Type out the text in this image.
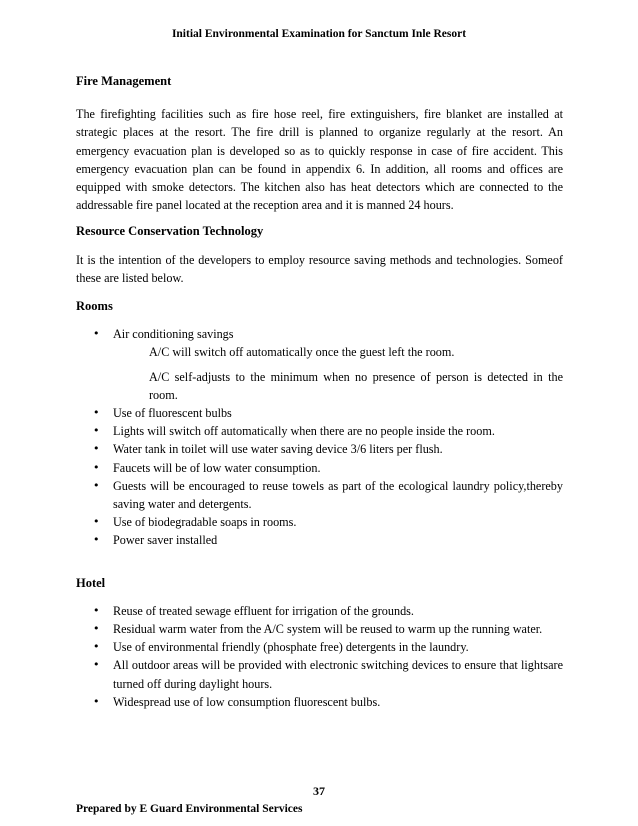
Initial Environmental Examination for Sanctum Inle Resort
Fire Management

The firefighting facilities such as fire hose reel, fire extinguishers, fire blanket are installed at strategic places at the resort. The fire drill is planned to organize regularly at the resort. An emergency evacuation plan is developed so as to quickly response in case of fire accident. This emergency evacuation plan can be found in appendix 6. In addition, all rooms and offices are equipped with smoke detectors. The kitchen also has heat detectors which are connected to the addressable fire panel located at the reception area and it is manned 24 hours.

Resource Conservation Technology

It is the intention of the developers to employ resource saving methods and technologies. Someof these are listed below.

Rooms
• Air conditioning savings
A/C will switch off automatically once the guest left the room.
A/C self-adjusts to the minimum when no presence of person is detected in the room.
• Use of fluorescent bulbs
• Lights will switch off automatically when there are no people inside the room.
• Water tank in toilet will use water saving device 3/6 liters per flush.
• Faucets will be of low water consumption.
• Guests will be encouraged to reuse towels as part of the ecological laundry policy,thereby saving water and detergents.
• Use of biodegradable soaps in rooms.
• Power saver installed
Hotel
• Reuse of treated sewage effluent for irrigation of the grounds.
• Residual warm water from the A/C system will be reused to warm up the running water.
• Use of environmental friendly (phosphate free) detergents in the laundry.
• All outdoor areas will be provided with electronic switching devices to ensure that lightsare turned off during daylight hours.
• Widespread use of low consumption fluorescent bulbs.
37
Prepared by E Guard Environmental Services
